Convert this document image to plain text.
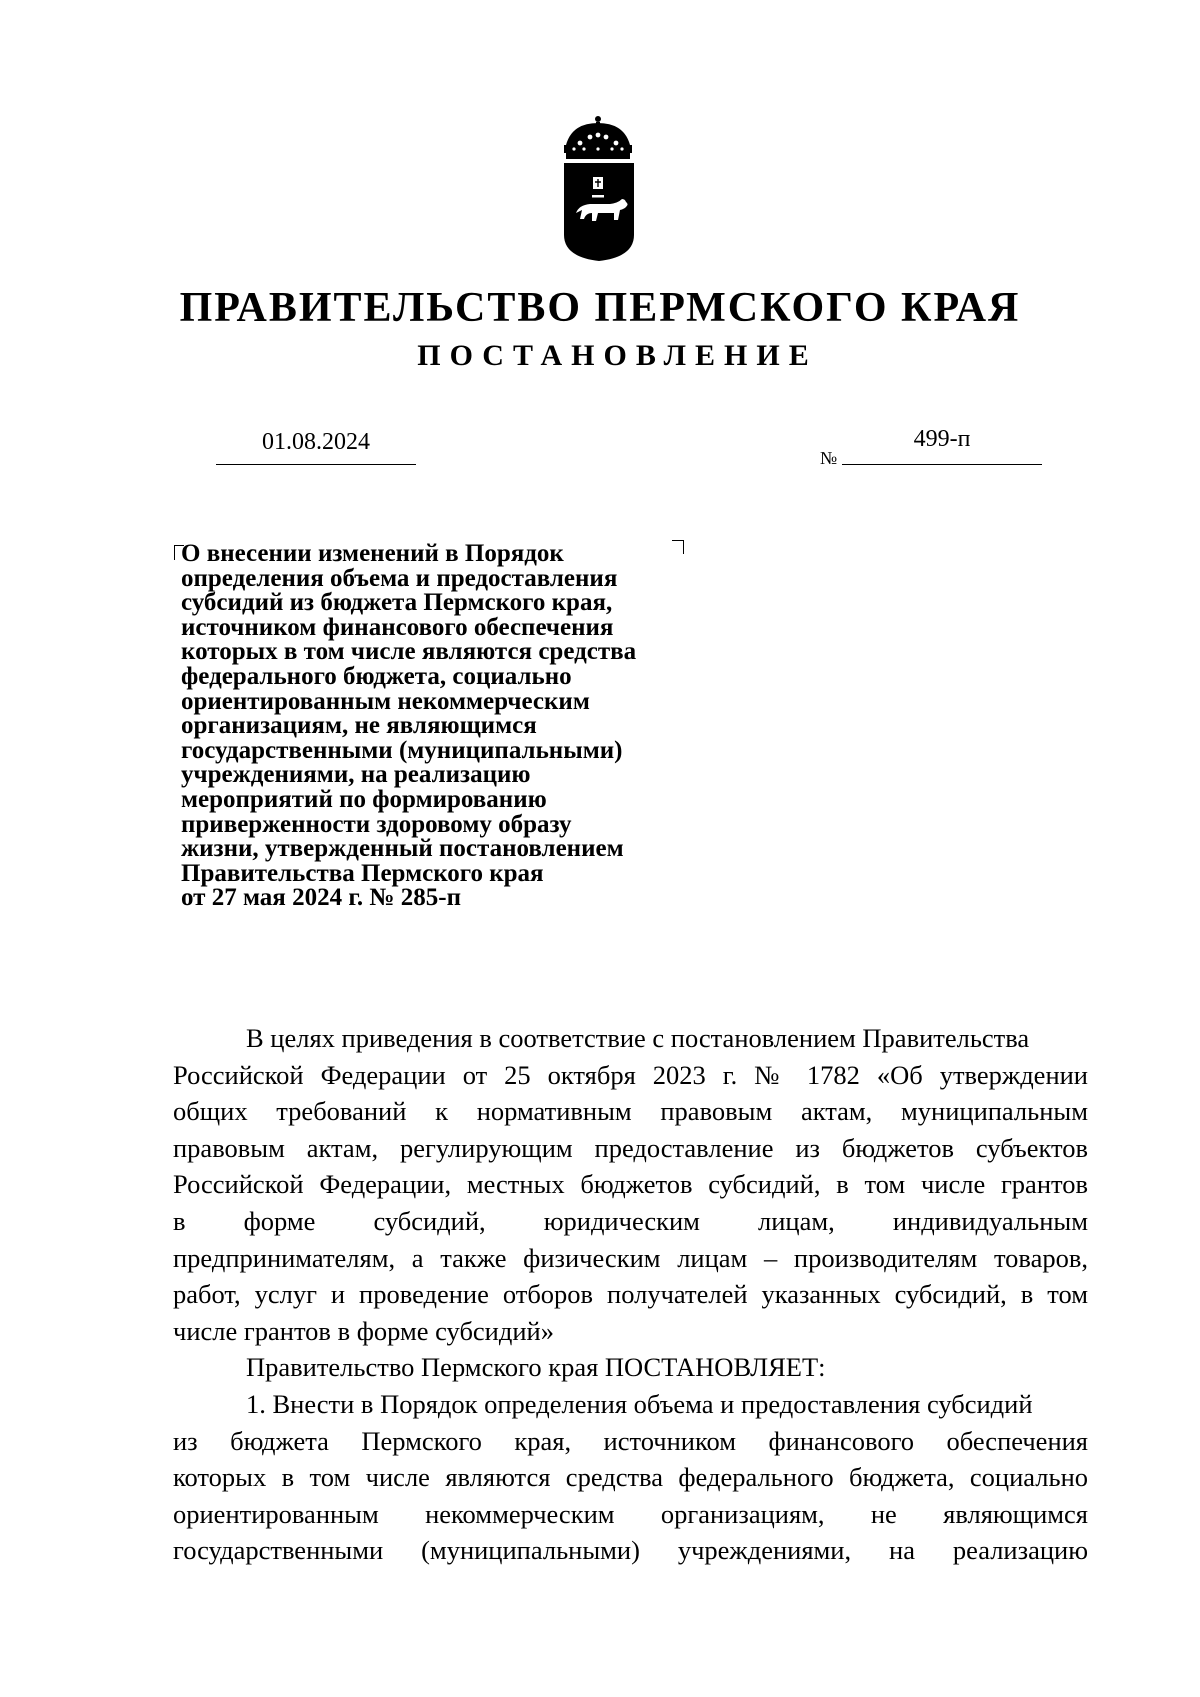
ПРАВИТЕЛЬСТВО ПЕРМСКОГО КРАЯ
ПОСТАНОВЛЕНИЕ
01.08.2024
№
499-п
О внесении изменений в Порядок
определения объема и предоставления
субсидий из бюджета Пермского края,
источником финансового обеспечения
которых в том числе являются средства
федерального бюджета, социально
ориентированным некоммерческим
организациям, не являющимся
государственными (муниципальными)
учреждениями, на реализацию
мероприятий по формированию
приверженности здоровому образу
жизни, утвержденный постановлением
Правительства Пермского края
от 27 мая 2024 г. № 285-п
В целях приведения в соответствие с постановлением Правительства
Российской Федерации от 25 октября 2023 г. № 1782 «Об утверждении
общих требований к нормативным правовым актам, муниципальным
правовым актам, регулирующим предоставление из бюджетов субъектов
Российской Федерации, местных бюджетов субсидий, в том числе грантов
в форме субсидий, юридическим лицам, индивидуальным
предпринимателям, а также физическим лицам – производителям товаров,
работ, услуг и проведение отборов получателей указанных субсидий, в том
числе грантов в форме субсидий»
Правительство Пермского края ПОСТАНОВЛЯЕТ:
1. Внести в Порядок определения объема и предоставления субсидий
из бюджета Пермского края, источником финансового обеспечения
которых в том числе являются средства федерального бюджета, социально
ориентированным некоммерческим организациям, не являющимся
государственными (муниципальными) учреждениями, на реализацию
